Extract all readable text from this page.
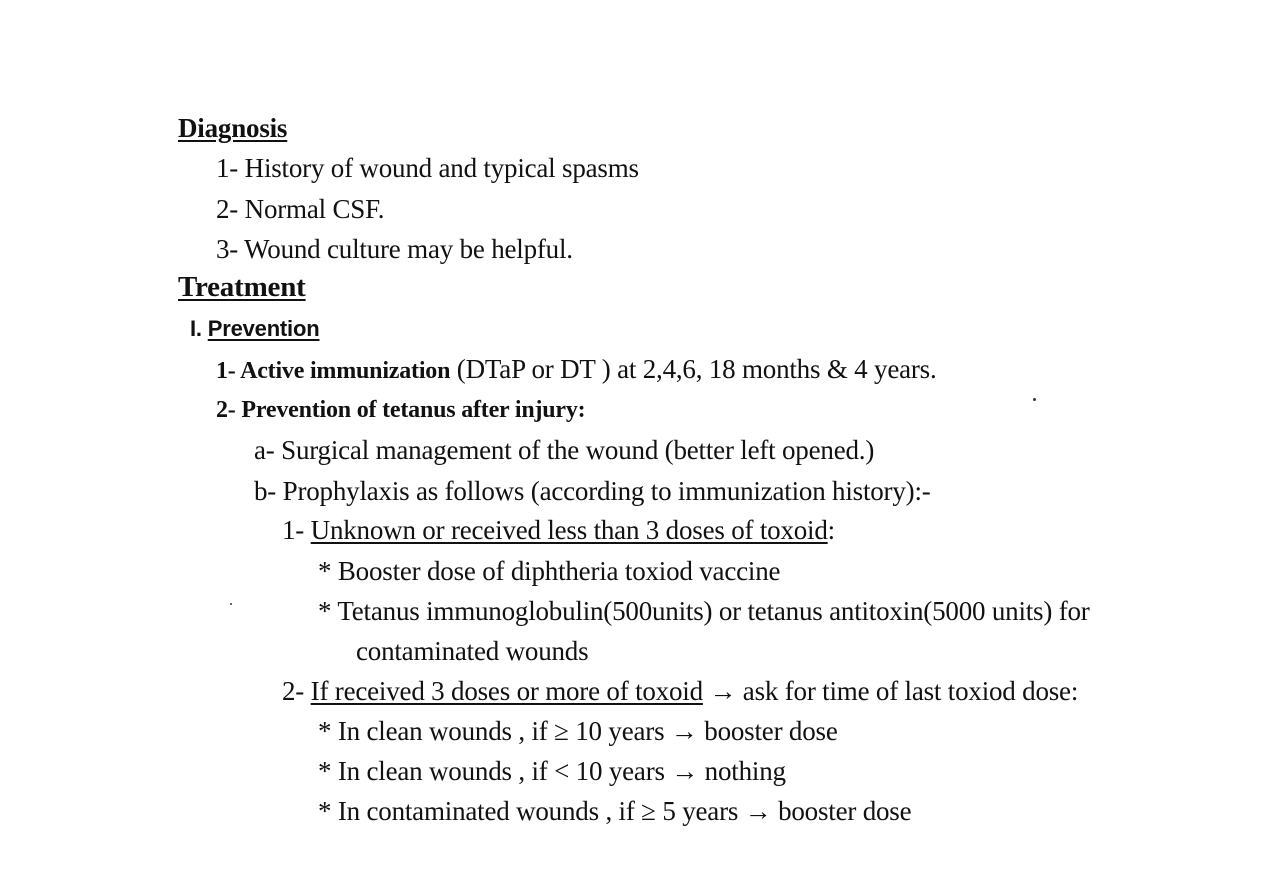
Diagnosis
1- History of wound and typical spasms
2- Normal CSF.
3- Wound culture may be helpful.
Treatment
I. Prevention
1- Active immunization (DTaP or DT ) at 2,4,6, 18 months & 4 years.
2- Prevention of tetanus after injury:
a- Surgical management of the wound (better left opened.)
b- Prophylaxis as follows (according to immunization history):-
1- Unknown or received less than 3 doses of toxoid:
* Booster dose of diphtheria toxiod vaccine
* Tetanus immunoglobulin(500units) or tetanus antitoxin(5000 units) for
contaminated wounds
2- If received 3 doses or more of toxoid → ask for time of last toxiod dose:
* In clean wounds , if ≥ 10 years → booster dose
* In clean wounds , if < 10 years → nothing
* In contaminated wounds , if ≥ 5 years → booster dose
